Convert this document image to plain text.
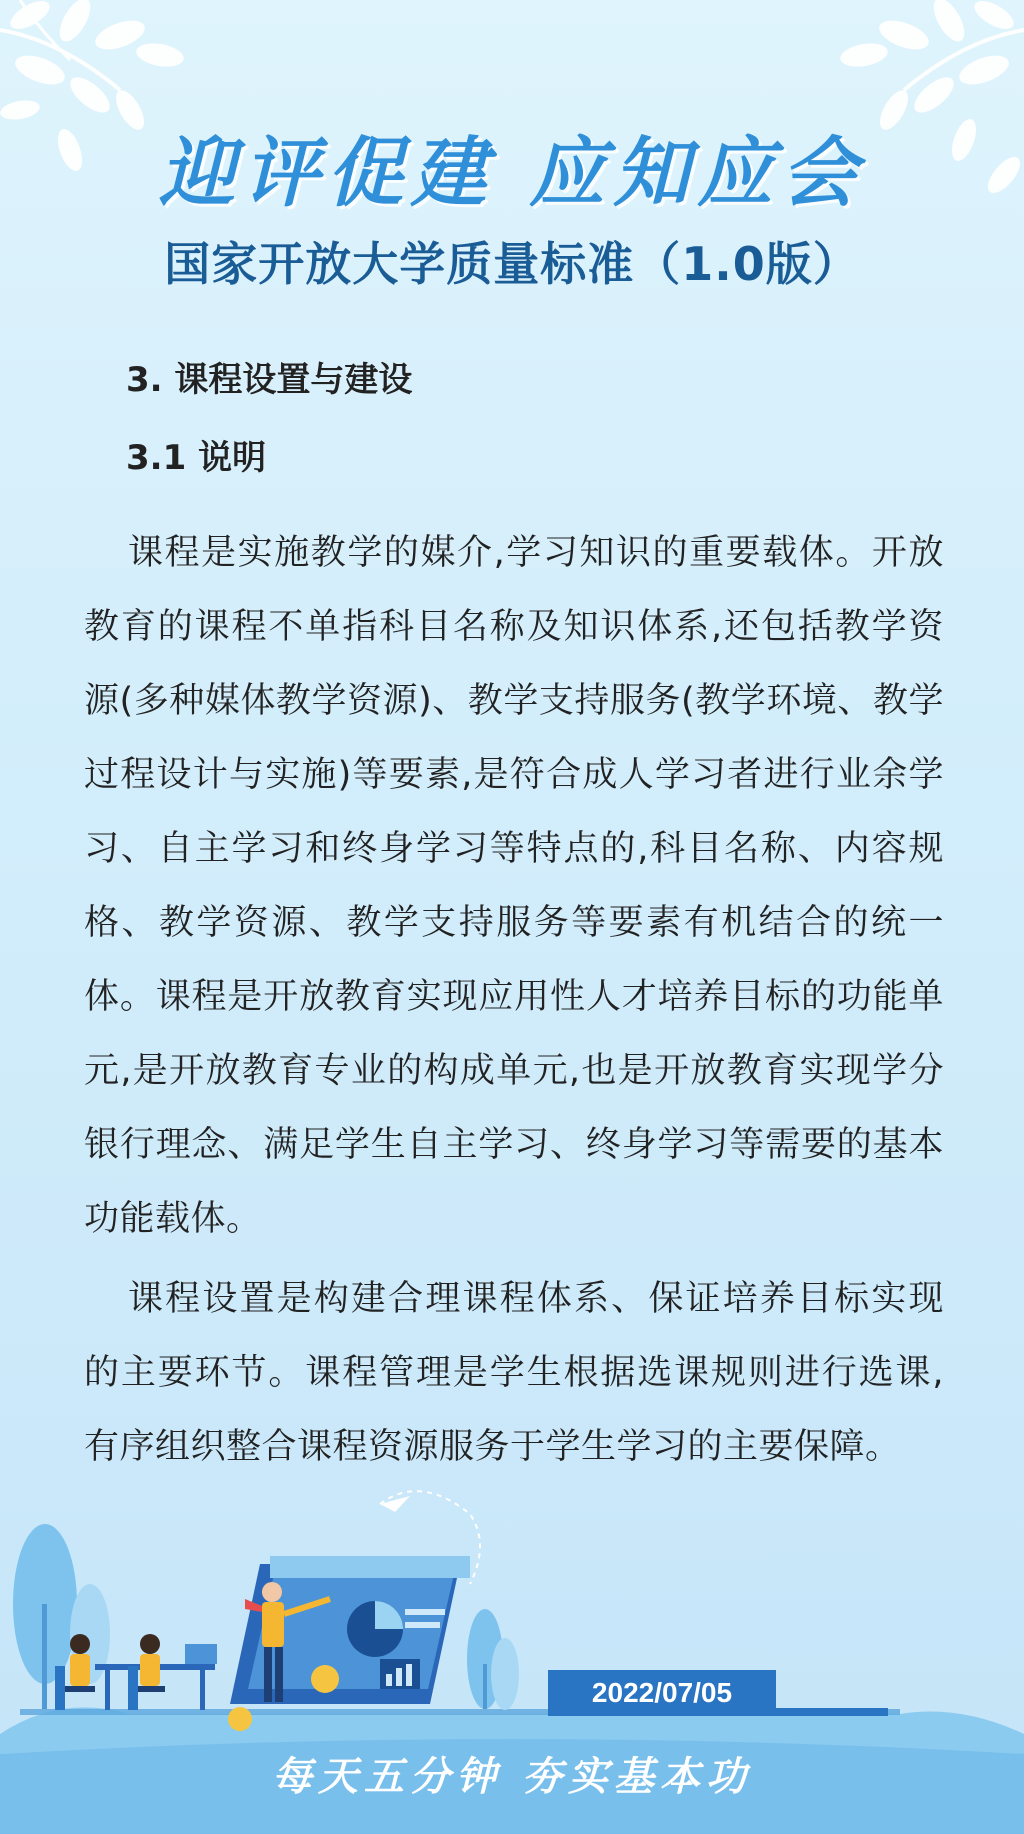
迎评促建 应知应会
国家开放大学质量标准（1.0版）
3. 课程设置与建设
3.1 说明

课程是实施教学的媒介,学习知识的重要载体。开放教育的课程不单指科目名称及知识体系,还包括教学资源(多种媒体教学资源)、教学支持服务(教学环境、教学过程设计与实施)等要素,是符合成人学习者进行业余学习、自主学习和终身学习等特点的,科目名称、内容规格、教学资源、教学支持服务等要素有机结合的统一体。课程是开放教育实现应用性人才培养目标的功能单元,是开放教育专业的构成单元,也是开放教育实现学分银行理念、满足学生自主学习、终身学习等需要的基本功能载体。

课程设置是构建合理课程体系、保证培养目标实现的主要环节。课程管理是学生根据选课规则进行选课,有序组织整合课程资源服务于学生学习的主要保障。

2022/07/05
每天五分钟 夯实基本功
